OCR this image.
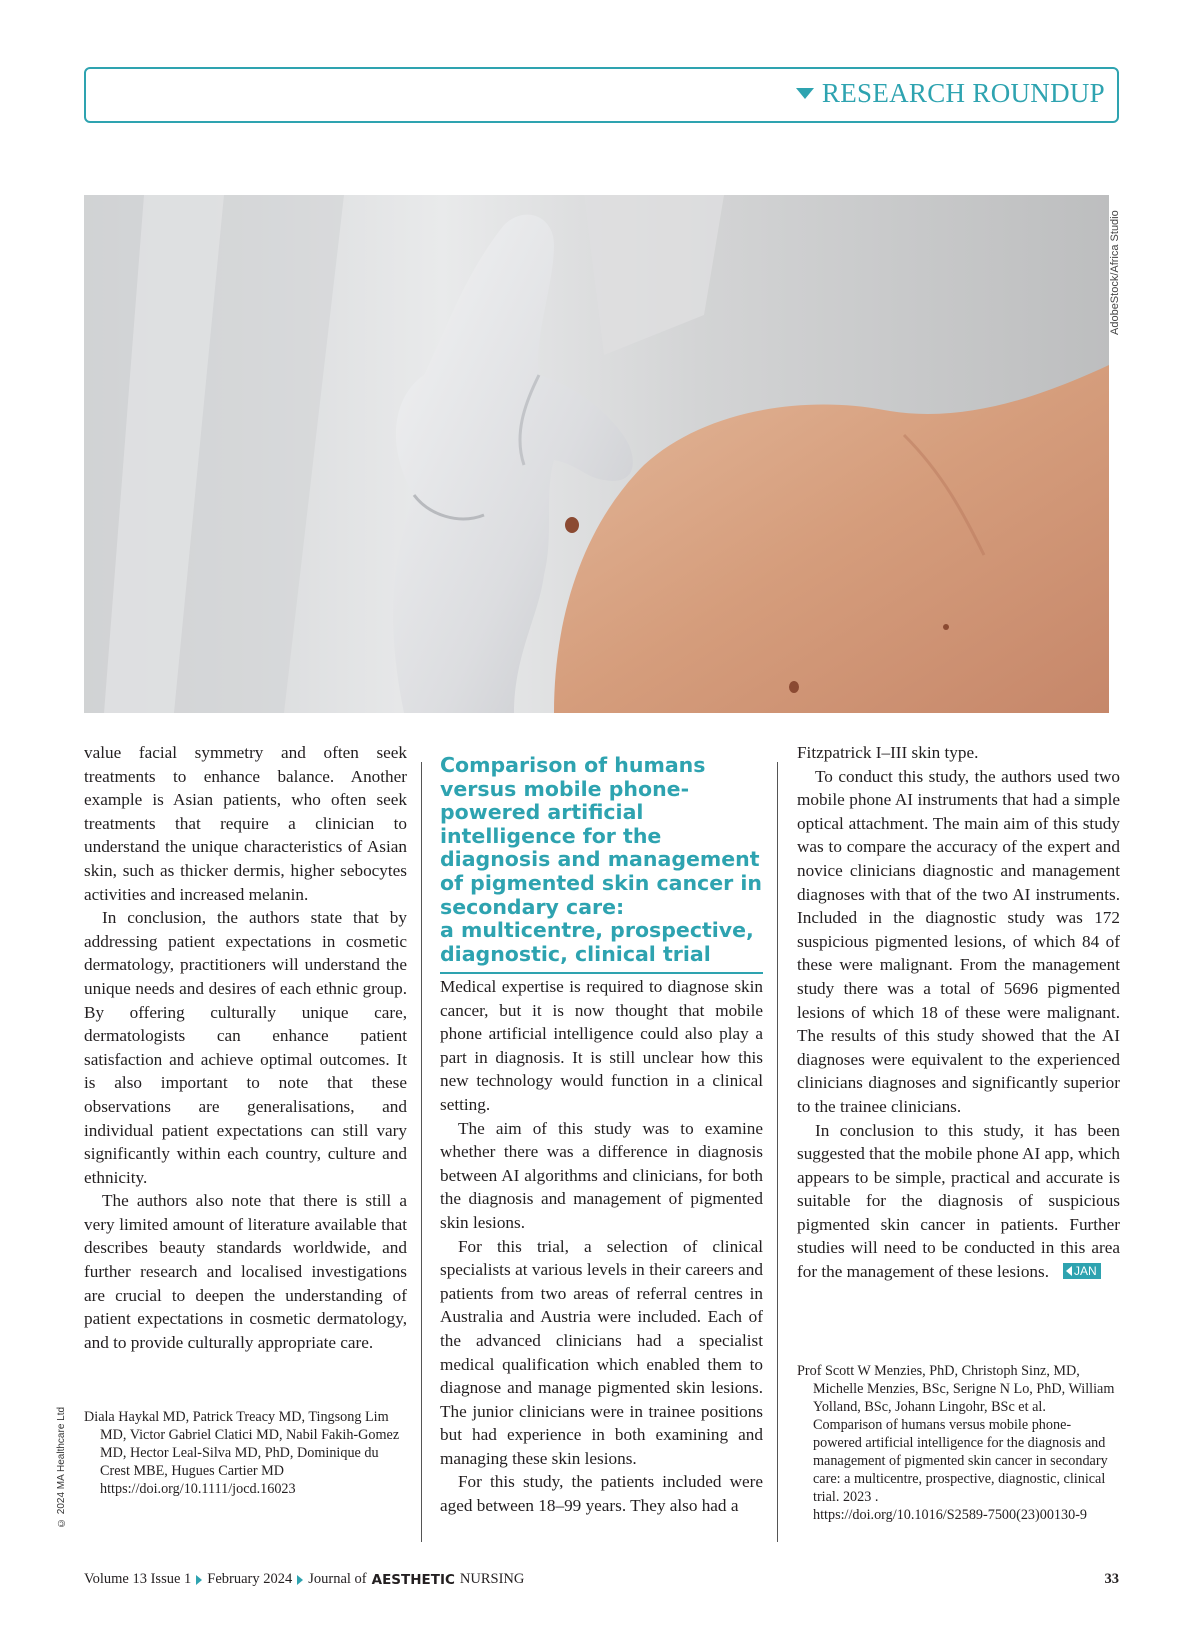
RESEARCH ROUNDUP
AdobeStock/Africa Studio

value facial symmetry and often seek treatments to enhance balance. Another example is Asian patients, who often seek treatments that require a clinician to understand the unique characteristics of Asian skin, such as thicker dermis, higher sebocytes activities and increased melanin.

In conclusion, the authors state that by addressing patient expectations in cosmetic dermatology, practitioners will understand the unique needs and desires of each ethnic group. By offering culturally unique care, dermatologists can enhance patient satisfaction and achieve optimal outcomes. It is also important to note that these observations are generalisations, and individual patient expectations can still vary significantly within each country, culture and ethnicity.

The authors also note that there is still a very limited amount of literature available that describes beauty standards worldwide, and further research and localised investigations are crucial to deepen the understanding of patient expectations in cosmetic dermatology, and to provide culturally appropriate care.

Diala Haykal MD, Patrick Treacy MD, Tingsong Lim MD, Victor Gabriel Clatici MD, Nabil Fakih-Gomez MD, Hector Leal-Silva MD, PhD, Dominique du Crest MBE, Hugues Cartier MD
https://doi.org/10.1111/jocd.16023
Comparison of humans versus mobile phone-powered artificial intelligence for the diagnosis and management of pigmented skin cancer in secondary care:
a multicentre, prospective, diagnostic, clinical trial

Medical expertise is required to diagnose skin cancer, but it is now thought that mobile phone artificial intelligence could also play a part in diagnosis. It is still unclear how this new technology would function in a clinical setting.

The aim of this study was to examine whether there was a difference in diagnosis between AI algorithms and clinicians, for both the diagnosis and management of pigmented skin lesions.

For this trial, a selection of clinical specialists at various levels in their careers and patients from two areas of referral centres in Australia and Austria were included. Each of the advanced clinicians had a specialist medical qualification which enabled them to diagnose and manage pigmented skin lesions. The junior clinicians were in trainee positions but had experience in both examining and managing these skin lesions.

For this study, the patients included were aged between 18–99 years. They also had a

Fitzpatrick I–III skin type.

To conduct this study, the authors used two mobile phone AI instruments that had a simple optical attachment. The main aim of this study was to compare the accuracy of the expert and novice clinicians diagnostic and management diagnoses with that of the two AI instruments. Included in the diagnostic study was 172 suspicious pigmented lesions, of which 84 of these were malignant. From the management study there was a total of 5696 pigmented lesions of which 18 of these were malignant. The results of this study showed that the AI diagnoses were equivalent to the experienced clinicians diagnoses and significantly superior to the trainee clinicians.

In conclusion to this study, it has been suggested that the mobile phone AI app, which appears to be simple, practical and accurate is suitable for the diagnosis of suspicious pigmented skin cancer in patients. Further studies will need to be conducted in this area for the management of these lesions. JAN

Prof Scott W Menzies, PhD, Christoph Sinz, MD, Michelle Menzies, BSc, Serigne N Lo, PhD, William Yolland, BSc, Johann Lingohr, BSc et al. Comparison of humans versus mobile phone-powered artificial intelligence for the diagnosis and management of pigmented skin cancer in secondary care: a multicentre, prospective, diagnostic, clinical trial. 2023 .
https://doi.org/10.1016/S2589-7500(23)00130-9
© 2024 MA Healthcare Ltd
Volume 13 Issue 1 February 2024 Journal of AESTHETIC NURSING	33
